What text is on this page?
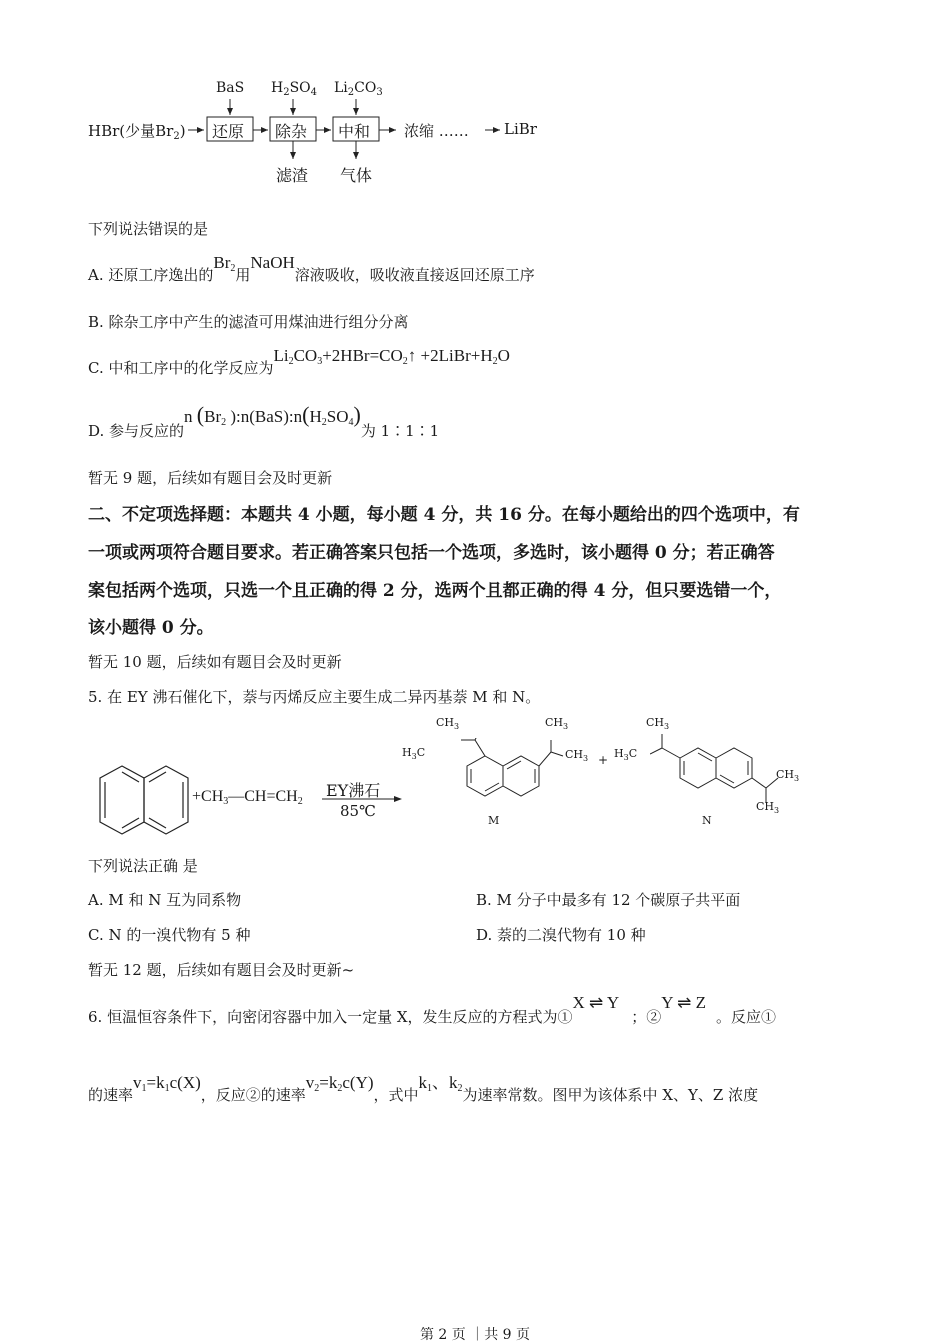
HBr(少量$Br_2$)
BaS $H_2SO_4$ $Li_2CO_3$
还原 除杂 中和 浓缩 …… LiBr
滤渣 气体
下列说法错误的是
A. 还原工序逸出的$Br_2$用NaOH溶液吸收，吸收液直接返回还原工序
B. 除杂工序中产生的滤渣可用煤油进行组分分离
C. 中和工序中的化学反应为$Li_2CO_3+2HBr=CO_2↑$ $+2LiBr+H_2O$
D. 参与反应的n ($Br_2$ )$:n(BaS):n(H_2SO_4)$为 1∶1∶1
暂无 9 题，后续如有题目会及时更新
二、不定项选择题：本题共 4 小题，每小题 4 分，共 16 分。在每小题给出的四个选项中，有
一项或两项符合题目要求。若正确答案只包括一个选项，多选时，该小题得 0 分；若正确答
案包括两个选项，只选一个且正确的得 2 分，选两个且都正确的得 4 分，但只要选错一个，
该小题得 0 分。
暂无 10 题，后续如有题目会及时更新
5. 在 EY 沸石催化下，萘与丙烯反应主要生成二异丙基萘 M 和 N。
$+CH_3—CH=CH_2$
EY沸石
85℃
$CH_3$
$H_3C$
$CH_3$
$CH_3$
M
+
$CH_3$
$H_3C$
$CH_3$
$CH_3$
N
下列说法正确 是
A. M 和 N 互为同系物	B. M 分子中最多有 12 个碳原子共平面
C. N 的一溴代物有 5 种	D. 萘的二溴代物有 10 种
暂无 12 题，后续如有题目会及时更新~
6. 恒温恒容条件下，向密闭容器中加入一定量 X，发生反应的方程式为①X ⇌ Y；②Y ⇌ Z。反应①
的速率$v_1=k_1c(X)$，反应②的速率$v_2=k_2c(Y)$，式中$k_1$、$k_2$为速率常数。图甲为该体系中 X、Y、Z 浓度
第 2 页 ｜共 9 页
